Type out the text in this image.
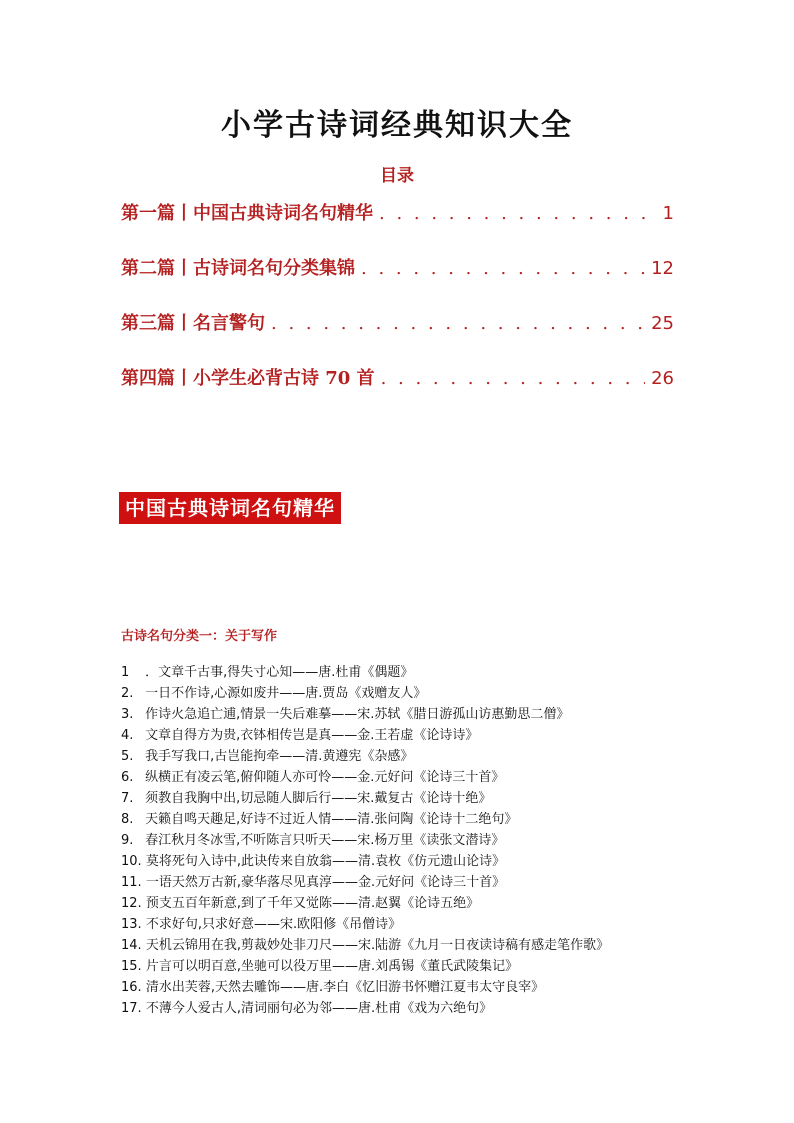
小学古诗词经典知识大全
目录
第一篇丨中国古典诗词名句精华 . . .	1
第二篇丨古诗词名句分类集锦 . . .	12
第三篇丨名言警句 . . .	25
第四篇丨小学生必背古诗 70 首 . . .	26
中国古典诗词名句精华
古诗名句分类一：关于写作
1 ．文章千古事,得失寸心知——唐.杜甫《偶题》
2. 一日不作诗,心源如废井——唐.贾岛《戏赠友人》
3. 作诗火急追亡逋,情景一失后难摹——宋.苏轼《腊日游孤山访惠勤思二僧》
4. 文章自得方为贵,衣钵相传岂是真——金.王若虚《论诗诗》
5. 我手写我口,古岂能拘牵——清.黄遵宪《杂感》
6. 纵横正有凌云笔,俯仰随人亦可怜——金.元好问《论诗三十首》
7. 须教自我胸中出,切忌随人脚后行——宋.戴复古《论诗十绝》
8. 天籁自鸣天趣足,好诗不过近人情——清.张问陶《论诗十二绝句》
9. 春江秋月冬冰雪,不听陈言只听天——宋.杨万里《读张文潜诗》
10. 莫将死句入诗中,此诀传来自放翁——清.袁枚《仿元遗山论诗》
11. 一语天然万古新,豪华落尽见真淳——金.元好问《论诗三十首》
12. 预支五百年新意,到了千年又觉陈——清.赵翼《论诗五绝》
13. 不求好句,只求好意——宋.欧阳修《吊僧诗》
14. 天机云锦用在我,剪裁妙处非刀尺——宋.陆游《九月一日夜读诗稿有感走笔作歌》
15. 片言可以明百意,坐驰可以役万里——唐.刘禹锡《董氏武陵集记》
16. 清水出芙蓉,天然去雕饰——唐.李白《忆旧游书怀赠江夏韦太守良宰》
17. 不薄今人爱古人,清词丽句必为邻——唐.杜甫《戏为六绝句》
